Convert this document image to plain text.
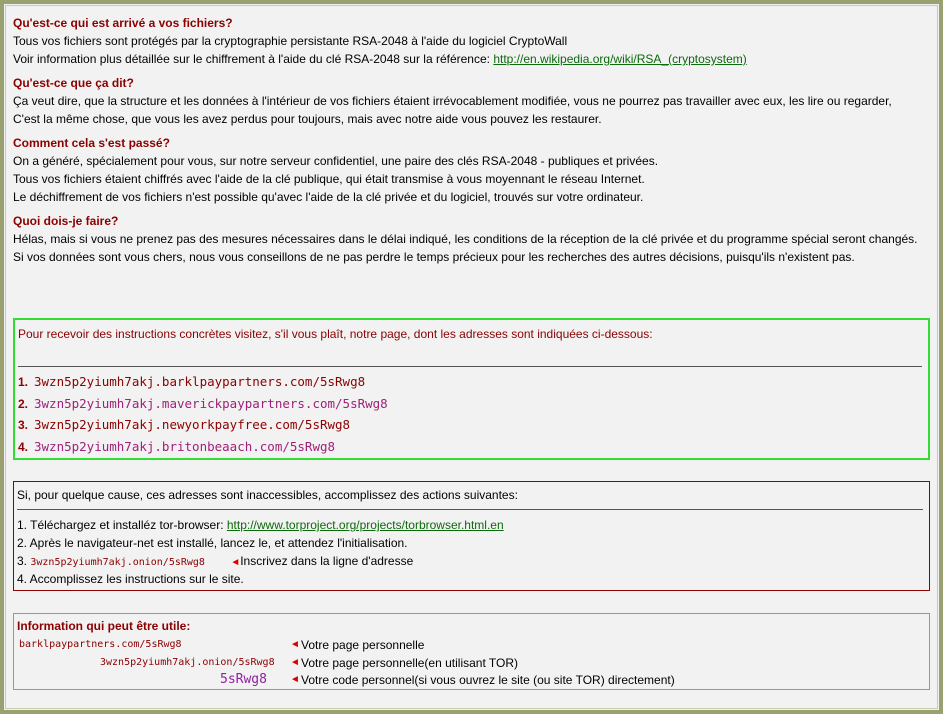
Qu'est-ce qui est arrivé a vos fichiers?
Tous vos fichiers sont protégés par la cryptographie persistante RSA-2048 à l'aide du logiciel CryptoWall
Voir information plus détaillée sur le chiffrement à l'aide du clé RSA-2048 sur la référence: http://en.wikipedia.org/wiki/RSA_(cryptosystem)
Qu'est-ce que ça dit?
Ça veut dire, que la structure et les données à l'intérieur de vos fichiers étaient irrévocablement modifiée, vous ne pourrez pas travailler avec eux, les lire ou regarder,
C'est la même chose, que vous les avez perdus pour toujours, mais avec notre aide vous pouvez les restaurer.
Comment cela s'est passé?
On a généré, spécialement pour vous, sur notre serveur confidentiel, une paire des clés RSA-2048 - publiques et privées.
Tous vos fichiers étaient chiffrés avec l'aide de la clé publique, qui était transmise à vous moyennant le réseau Internet.
Le déchiffrement de vos fichiers n'est possible qu'avec l'aide de la clé privée et du logiciel, trouvés sur votre ordinateur.
Quoi dois-je faire?
Hélas, mais si vous ne prenez pas des mesures nécessaires dans le délai indiqué, les conditions de la réception de la clé privée et du programme spécial seront changés.
Si vos données sont vous chers, nous vous conseillons de ne pas perdre le temps précieux pour les recherches des autres décisions, puisqu'ils n'existent pas.
Pour recevoir des instructions concrètes visitez, s'il vous plaît, notre page, dont les adresses sont indiquées ci-dessous:
1. 3wzn5p2yiumh7akj.barklpaypartners.com/5sRwg8
2. 3wzn5p2yiumh7akj.maverickpaypartners.com/5sRwg8
3. 3wzn5p2yiumh7akj.newyorkpayfree.com/5sRwg8
4. 3wzn5p2yiumh7akj.britonbeaach.com/5sRwg8
Si, pour quelque cause, ces adresses sont inaccessibles, accomplissez des actions suivantes:
1. Téléchargez et installéz tor-browser: http://www.torproject.org/projects/torbrowser.html.en
2. Après le navigateur-net est installé, lancez le, et attendez l'initialisation.
3. 3wzn5p2yiumh7akj.onion/5sRwg8	◄Inscrivez dans la ligne d'adresse
4. Accomplissez les instructions sur le site.
Information qui peut être utile:
barklpaypartners.com/5sRwg8	◄ Votre page personnelle
3wzn5p2yiumh7akj.onion/5sRwg8 ◄ Votre page personnelle(en utilisant TOR)
5sRwg8 ◄ Votre code personnel(si vous ouvrez le site (ou site TOR) directement)
